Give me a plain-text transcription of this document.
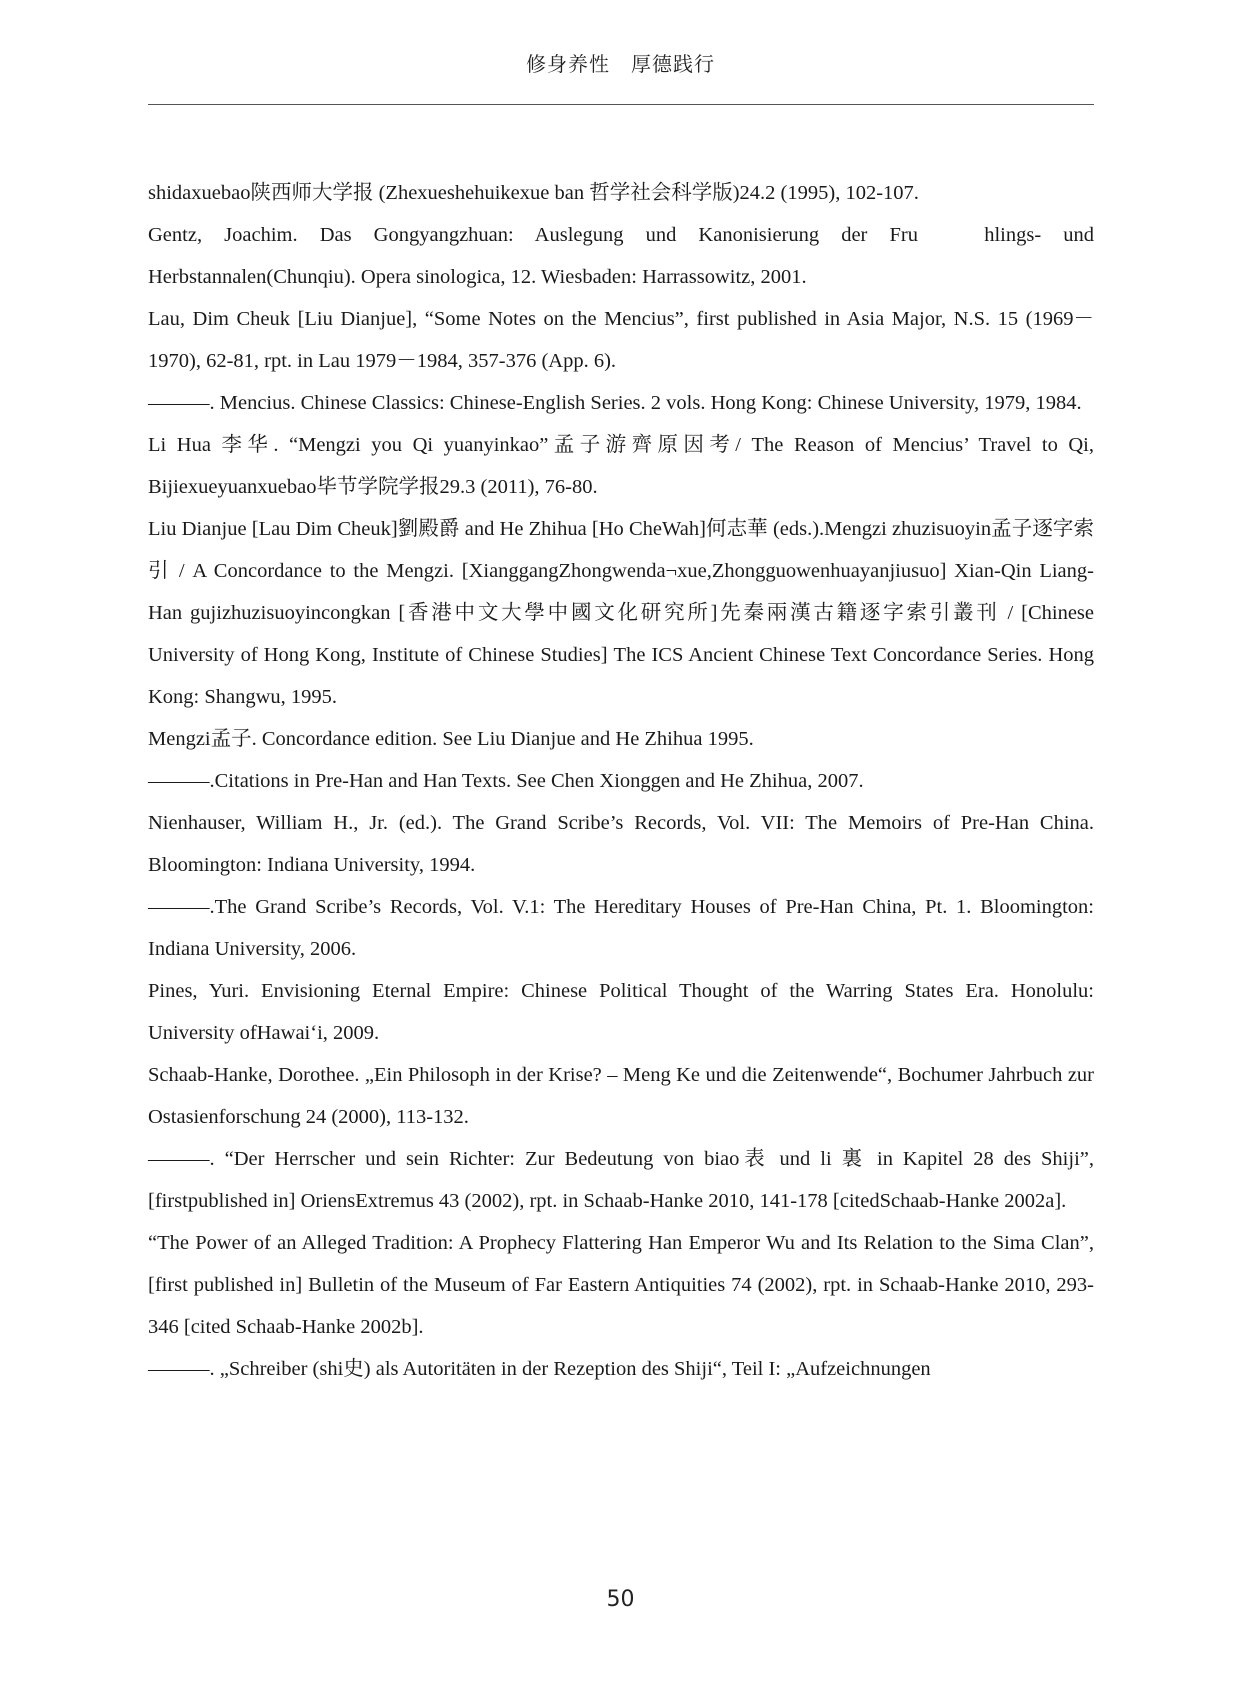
修身养性　厚德践行

shidaxuebao陕西师大学报 (Zhexueshehuikexue ban 哲学社会科学版)24.2 (1995), 102-107.

Gentz, Joachim. Das Gongyangzhuan: Auslegung und Kanonisierung der Fru   hlings- und Herbstannalen(Chunqiu). Opera sinologica, 12. Wiesbaden: Harrassowitz, 2001.

Lau, Dim Cheuk [Liu Dianjue], “Some Notes on the Mencius”, first published in Asia Major, N.S. 15 (1969－1970), 62-81, rpt. in Lau 1979－1984, 357-376 (App. 6).

———. Mencius. Chinese Classics: Chinese-English Series. 2 vols. Hong Kong: Chinese University, 1979, 1984.

Li Hua 李华. “Mengzi you Qi yuanyinkao”孟子游齊原因考/ The Reason of Mencius’ Travel to Qi, Bijiexueyuanxuebao毕节学院学报29.3 (2011), 76-80.

Liu Dianjue [Lau Dim Cheuk]劉殿爵 and He Zhihua [Ho CheWah]何志華 (eds.).Mengzi zhuzisuoyin孟子逐字索引 / A Concordance to the Mengzi. [XianggangZhongwenda¬xue,Zhongguowenhuayanjiusuo] Xian-Qin Liang-Han gujizhuzisuoyincongkan [香港中文大學中國文化研究所]先秦兩漢古籍逐字索引叢刊 / [Chinese University of Hong Kong, Institute of Chinese Studies] The ICS Ancient Chinese Text Concordance Series. Hong Kong: Shangwu, 1995.

Mengzi孟子. Concordance edition. See Liu Dianjue and He Zhihua 1995.

———.Citations in Pre-Han and Han Texts. See Chen Xionggen and He Zhihua, 2007.

Nienhauser, William H., Jr. (ed.). The Grand Scribe’s Records, Vol. VII: The Memoirs of Pre-Han China. Bloomington: Indiana University, 1994.

———.The Grand Scribe’s Records, Vol. V.1: The Hereditary Houses of Pre-Han China, Pt. 1. Bloomington: Indiana University, 2006.

Pines, Yuri. Envisioning Eternal Empire: Chinese Political Thought of the Warring States Era. Honolulu: University ofHawai‘i, 2009.

Schaab-Hanke, Dorothee. „Ein Philosoph in der Krise? – Meng Ke und die Zeitenwende“, Bochumer Jahrbuch zur Ostasienforschung 24 (2000), 113-132.

———. “Der Herrscher und sein Richter: Zur Bedeutung von biao表 und li 裏 in Kapitel 28 des Shiji”, [firstpublished in] OriensExtremus 43 (2002), rpt. in Schaab-Hanke 2010, 141-178 [citedSchaab-Hanke 2002a].

“The Power of an Alleged Tradition: A Prophecy Flattering Han Emperor Wu and Its Relation to the Sima Clan”, [first published in] Bulletin of the Museum of Far Eastern Antiquities 74 (2002), rpt. in Schaab-Hanke 2010, 293-346 [cited Schaab-Hanke 2002b].

———. „Schreiber (shi史) als Autoritäten in der Rezeption des Shiji“, Teil I: „Aufzeichnungen

50
